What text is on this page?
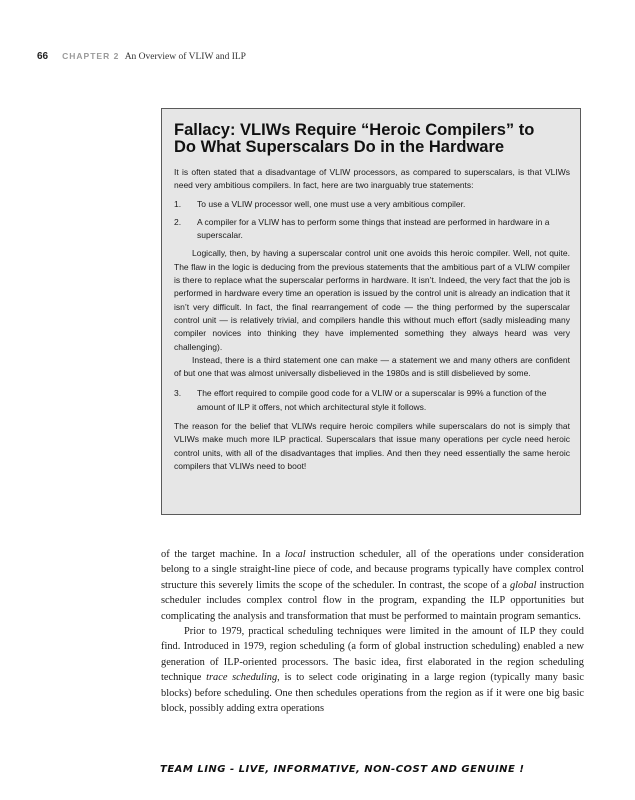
66 CHAPTER 2 An Overview of VLIW and ILP
Fallacy: VLIWs Require “Heroic Compilers” to
Do What Superscalars Do in the Hardware

It is often stated that a disadvantage of VLIW processors, as compared to superscalars, is that VLIWs need very ambitious compilers. In fact, here are two inarguably true statements:

1. To use a VLIW processor well, one must use a very ambitious compiler.
2. A compiler for a VLIW has to perform some things that instead are performed in hardware in a superscalar.

Logically, then, by having a superscalar control unit one avoids this heroic compiler. Well, not quite. The flaw in the logic is deducing from the previous statements that the ambitious part of a VLIW compiler is there to replace what the superscalar performs in hardware. It isn’t. Indeed, the very fact that the job is performed in hardware every time an operation is issued by the control unit is already an indication that it isn’t very difficult. In fact, the final rearrangement of code — the thing performed by the superscalar control unit — is relatively trivial, and compilers handle this without much effort (sadly misleading many compiler novices into thinking they have implemented something they always heard was very challenging).

Instead, there is a third statement one can make — a statement we and many others are confident of but one that was almost universally disbelieved in the 1980s and is still disbelieved by some.

3. The effort required to compile good code for a VLIW or a superscalar is 99% a function of the amount of ILP it offers, not which architectural style it follows.

The reason for the belief that VLIWs require heroic compilers while superscalars do not is simply that VLIWs make much more ILP practical. Superscalars that issue many operations per cycle need heroic control units, with all of the disadvantages that implies. And then they need essentially the same heroic compilers that VLIWs need to boot!

of the target machine. In a local instruction scheduler, all of the operations under consideration belong to a single straight-line piece of code, and because programs typically have complex control structure this severely limits the scope of the scheduler. In contrast, the scope of a global instruction scheduler includes complex control flow in the program, expanding the ILP opportunities but complicating the analysis and transformation that must be performed to maintain program semantics.

Prior to 1979, practical scheduling techniques were limited in the amount of ILP they could find. Introduced in 1979, region scheduling (a form of global instruction scheduling) enabled a new generation of ILP-oriented processors. The basic idea, first elaborated in the region scheduling technique trace scheduling, is to select code originating in a large region (typically many basic blocks) before scheduling. One then schedules operations from the region as if it were one big basic block, possibly adding extra operations

TEAM LING - LIVE, INFORMATIVE, NON-COST AND GENUINE !
